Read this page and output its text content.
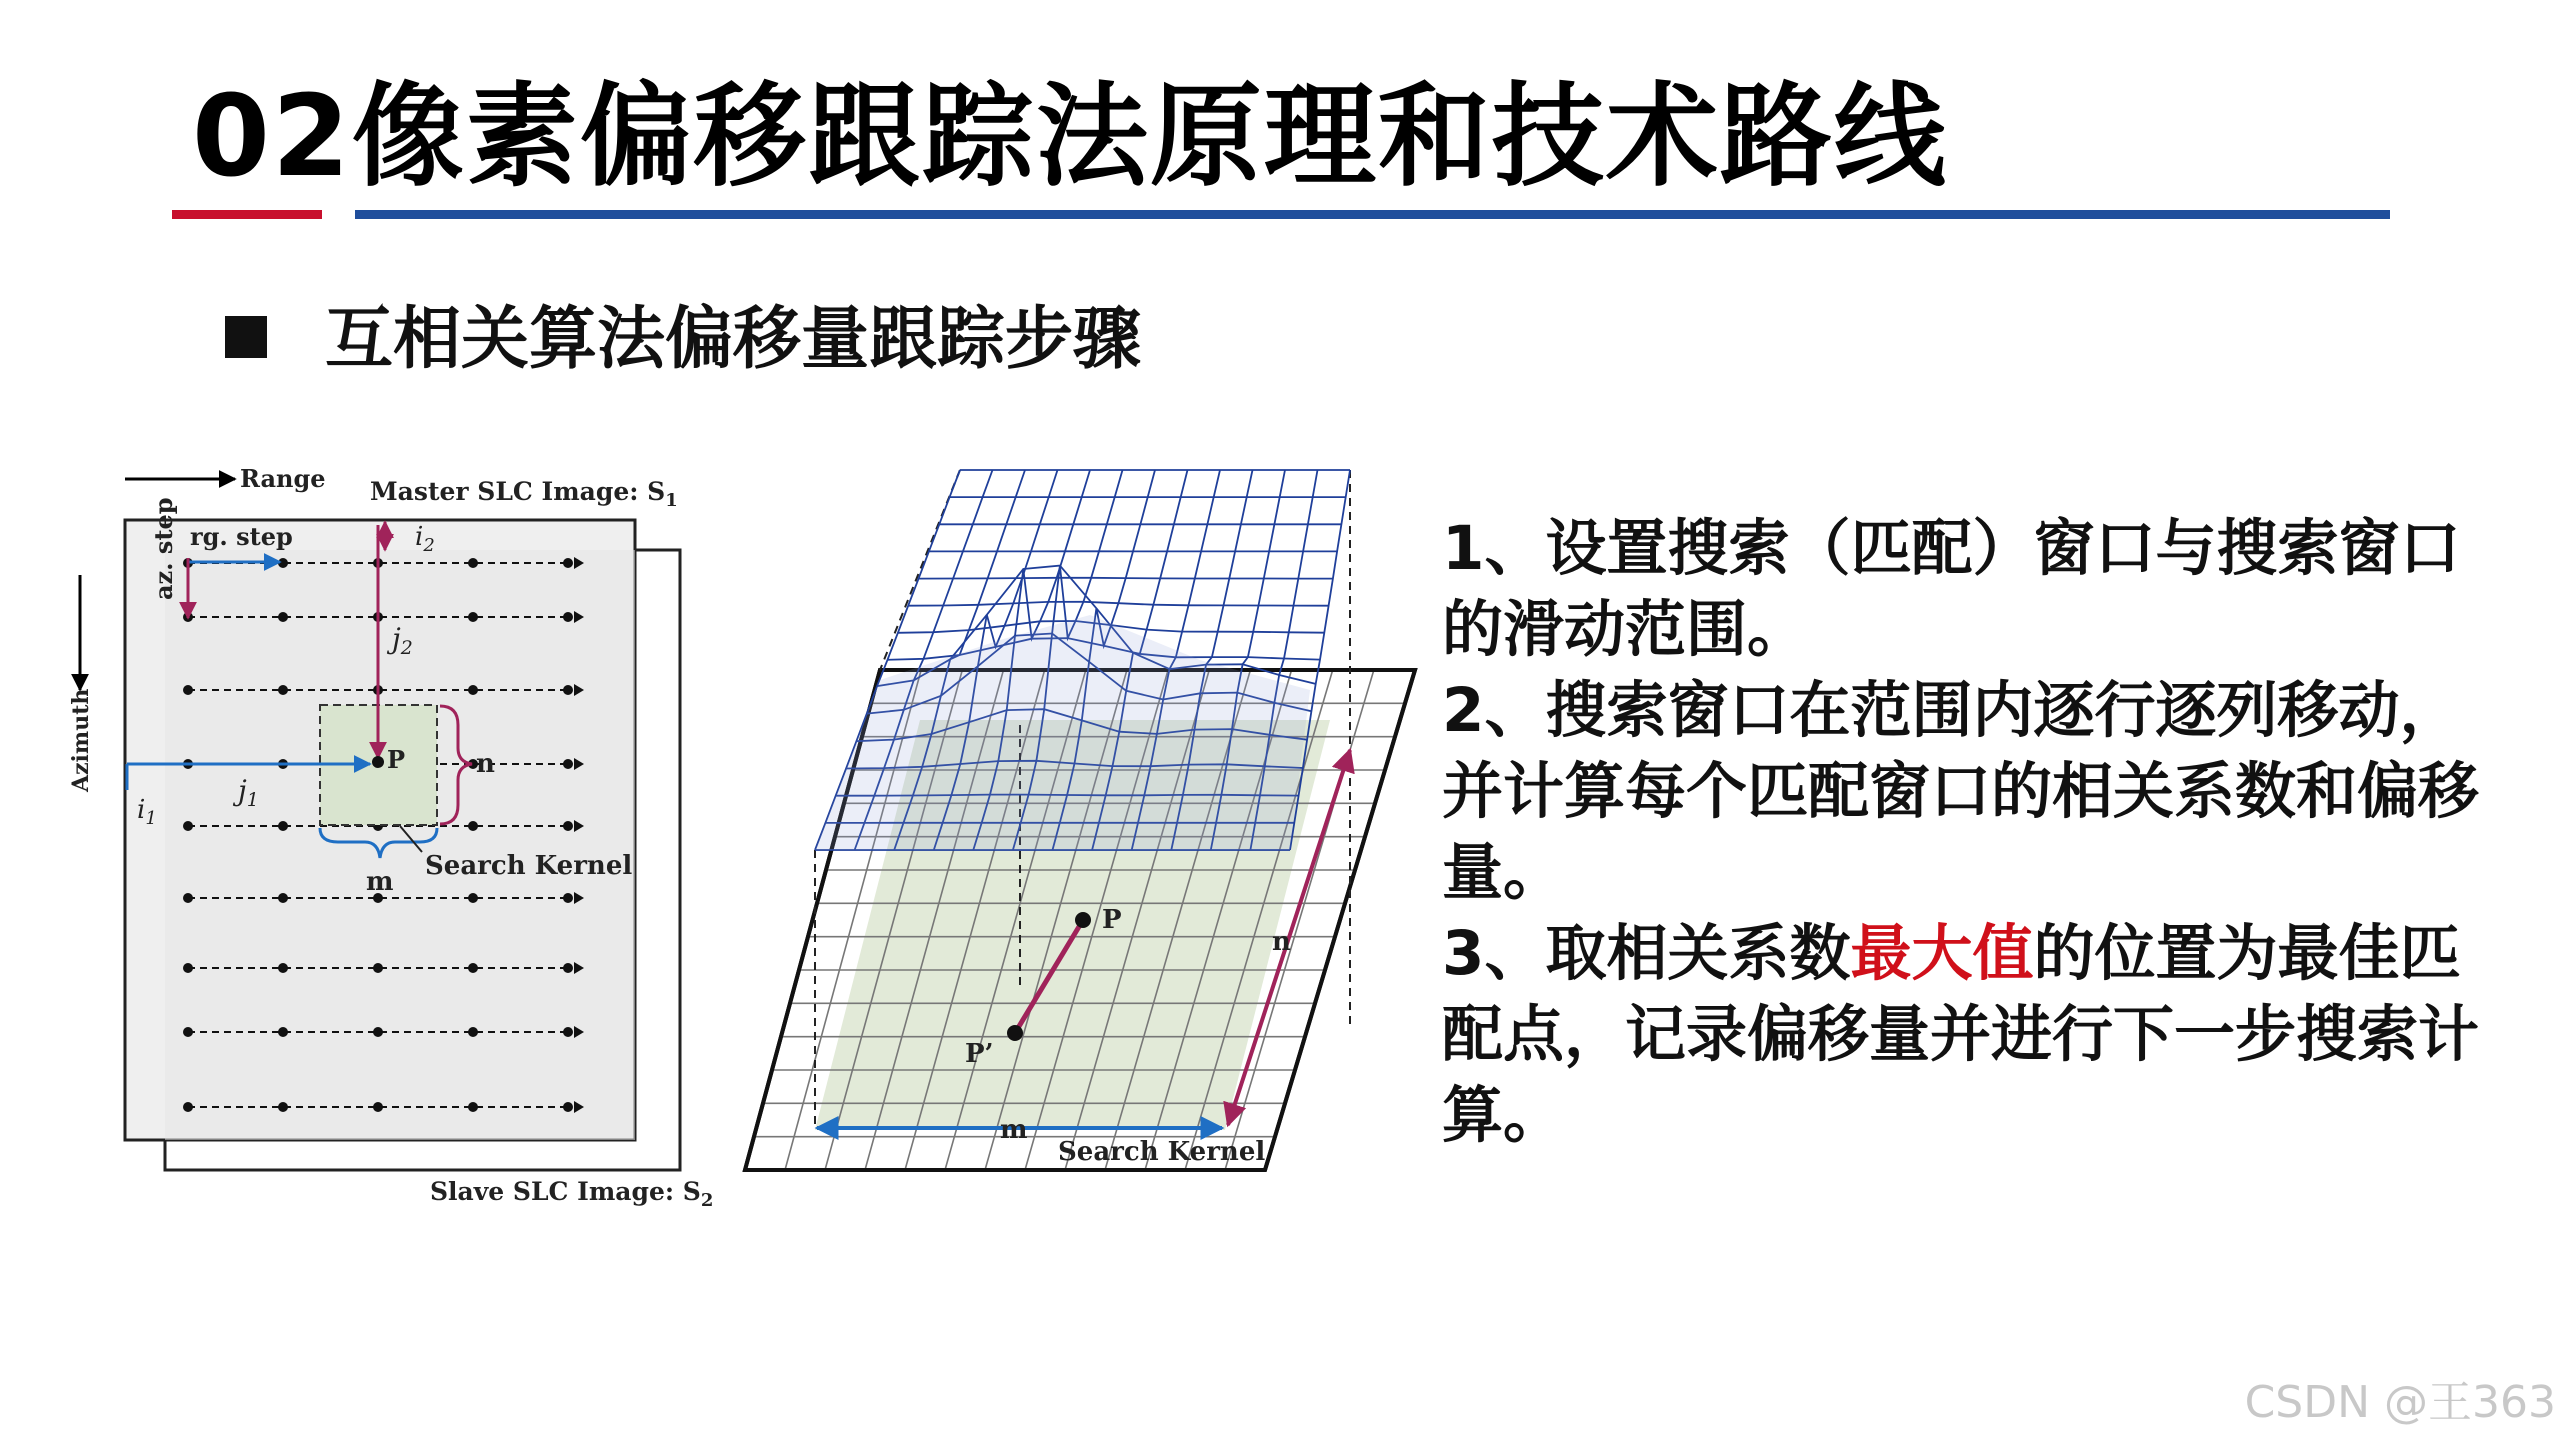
02像素偏移跟踪法原理和技术路线
互相关算法偏移量跟踪步骤
Range
Azimuth
Master SLC Image: $S_1$
Slave SLC Image: $S_2$
rg. step
az. step	$i_2$
$j_2$
$j_1$
$i_1$
P	n
m
Search Kernel
P
P’
n
m
Search Kernel

1、设置搜索（匹配）窗口与搜索窗口的滑动范围。

2、搜索窗口在范围内逐行逐列移动，并计算每个匹配窗口的相关系数和偏移量。

3、取相关系数最大值的位置为最佳匹配点，记录偏移量并进行下一步搜索计算。

CSDN @王363
